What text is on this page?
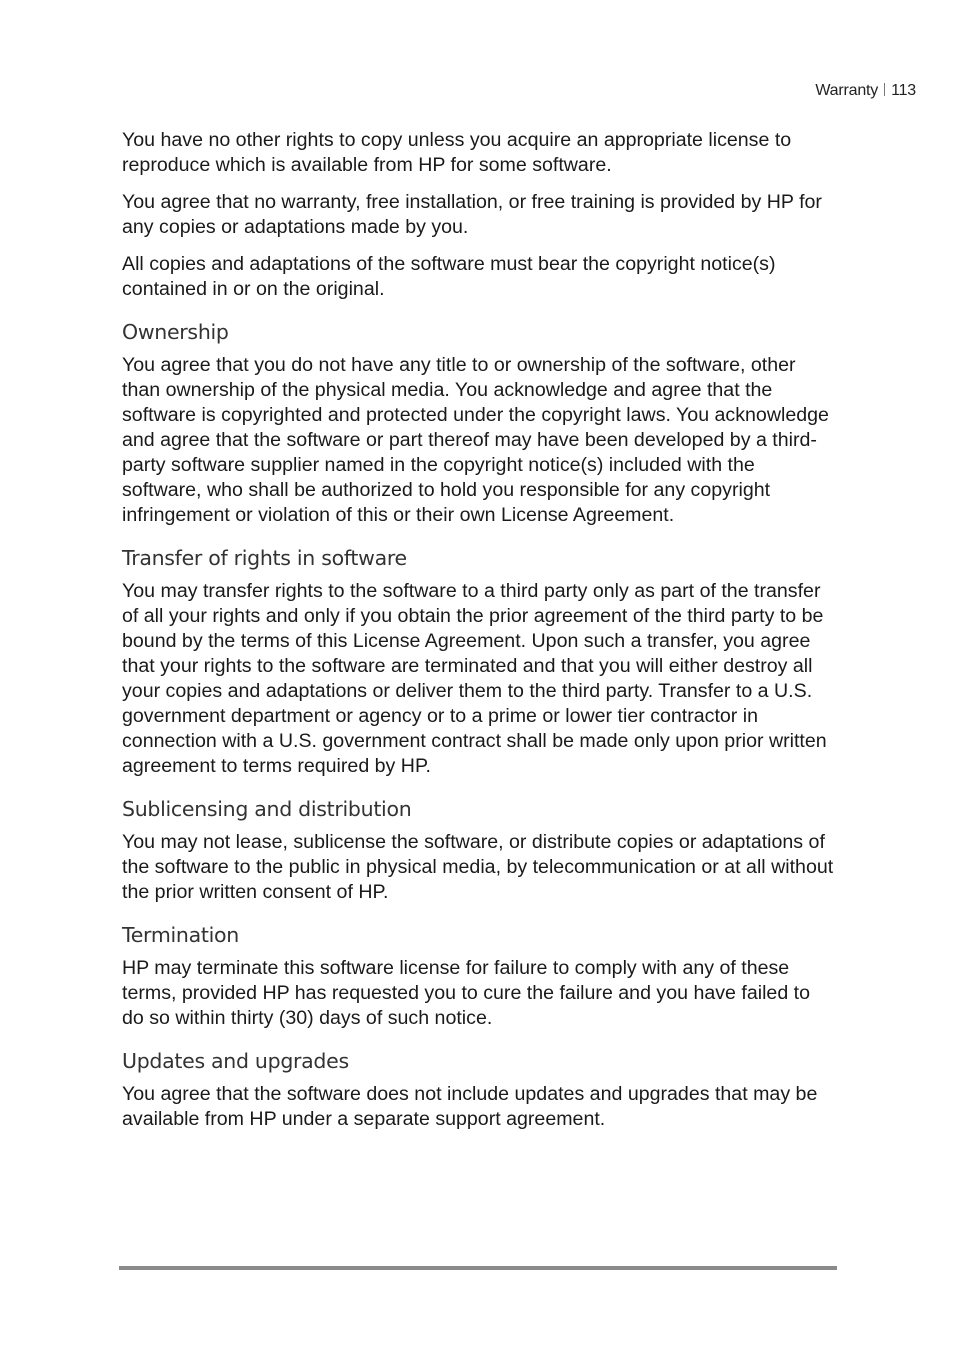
Warranty 113

You have no other rights to copy unless you acquire an appropriate license to reproduce which is available from HP for some software.

You agree that no warranty, free installation, or free training is provided by HP for any copies or adaptations made by you.

All copies and adaptations of the software must bear the copyright notice(s) contained in or on the original.

Ownership

You agree that you do not have any title to or ownership of the software, other than ownership of the physical media. You acknowledge and agree that the software is copyrighted and protected under the copyright laws. You acknowledge and agree that the software or part thereof may have been developed by a third-party software supplier named in the copyright notice(s) included with the software, who shall be authorized to hold you responsible for any copyright infringement or violation of this or their own License Agreement.

Transfer of rights in software

You may transfer rights to the software to a third party only as part of the transfer of all your rights and only if you obtain the prior agreement of the third party to be bound by the terms of this License Agreement. Upon such a transfer, you agree that your rights to the software are terminated and that you will either destroy all your copies and adaptations or deliver them to the third party. Transfer to a U.S. government department or agency or to a prime or lower tier contractor in connection with a U.S. government contract shall be made only upon prior written agreement to terms required by HP.

Sublicensing and distribution

You may not lease, sublicense the software, or distribute copies or adaptations of the software to the public in physical media, by telecommunication or at all without the prior written consent of HP.

Termination

HP may terminate this software license for failure to comply with any of these terms, provided HP has requested you to cure the failure and you have failed to do so within thirty (30) days of such notice.

Updates and upgrades

You agree that the software does not include updates and upgrades that may be available from HP under a separate support agreement.
